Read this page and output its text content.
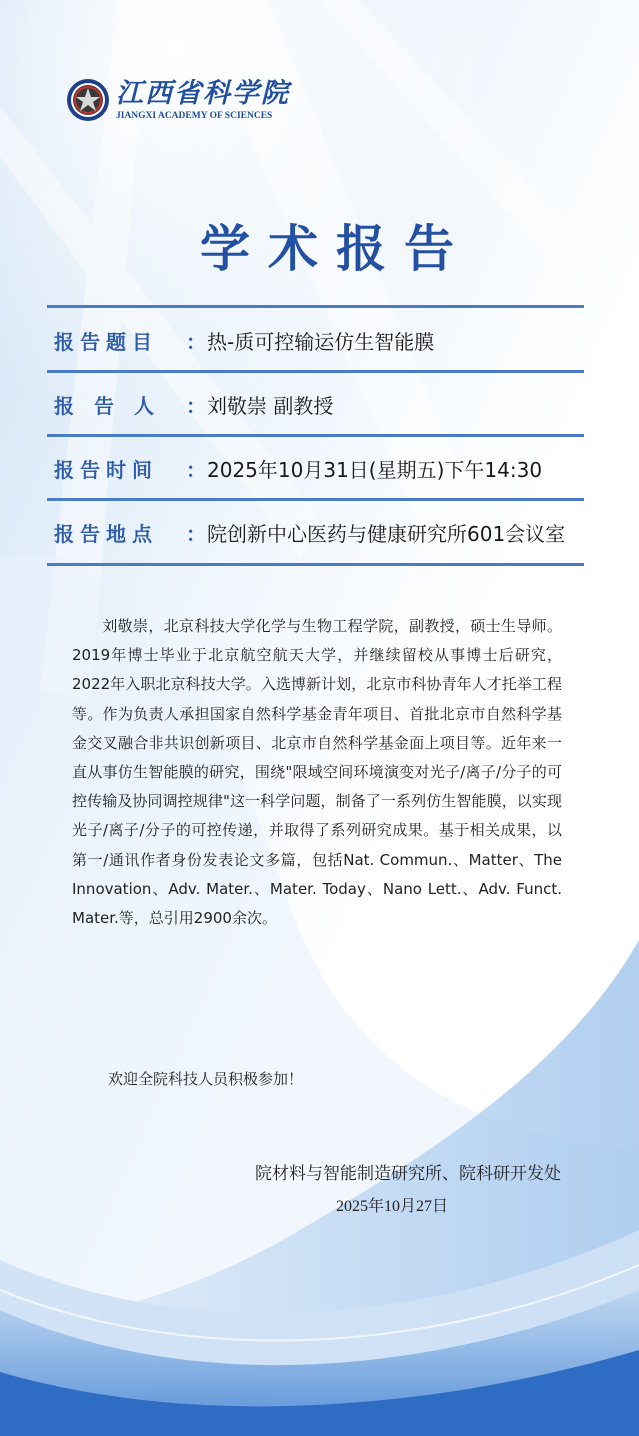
江西省科学院
JIANGXI ACADEMY OF SCIENCES
学术报告
报告题目 ： 热-质可控输运仿生智能膜
报　告　人 ： 刘敬崇 副教授
报告时间 ： 2025年10月31日(星期五)下午14:30
报告地点 ： 院创新中心医药与健康研究所601会议室
刘敬崇，北京科技大学化学与生物工程学院，副教授，硕士生导师。2019年博士毕业于北京航空航天大学，并继续留校从事博士后研究，2022年入职北京科技大学。入选博新计划，北京市科协青年人才托举工程等。作为负责人承担国家自然科学基金青年项目、首批北京市自然科学基金交叉融合非共识创新项目、北京市自然科学基金面上项目等。近年来一直从事仿生智能膜的研究，围绕"限域空间环境演变对光子/离子/分子的可控传输及协同调控规律"这一科学问题，制备了一系列仿生智能膜，以实现光子/离子/分子的可控传递，并取得了系列研究成果。基于相关成果，以第一/通讯作者身份发表论文多篇，包括Nat. Commun.、Matter、The Innovation、Adv. Mater.、Mater. Today、Nano Lett.、Adv. Funct. Mater.等，总引用2900余次。
欢迎全院科技人员积极参加！
院材料与智能制造研究所、院科研开发处
2025年10月27日
